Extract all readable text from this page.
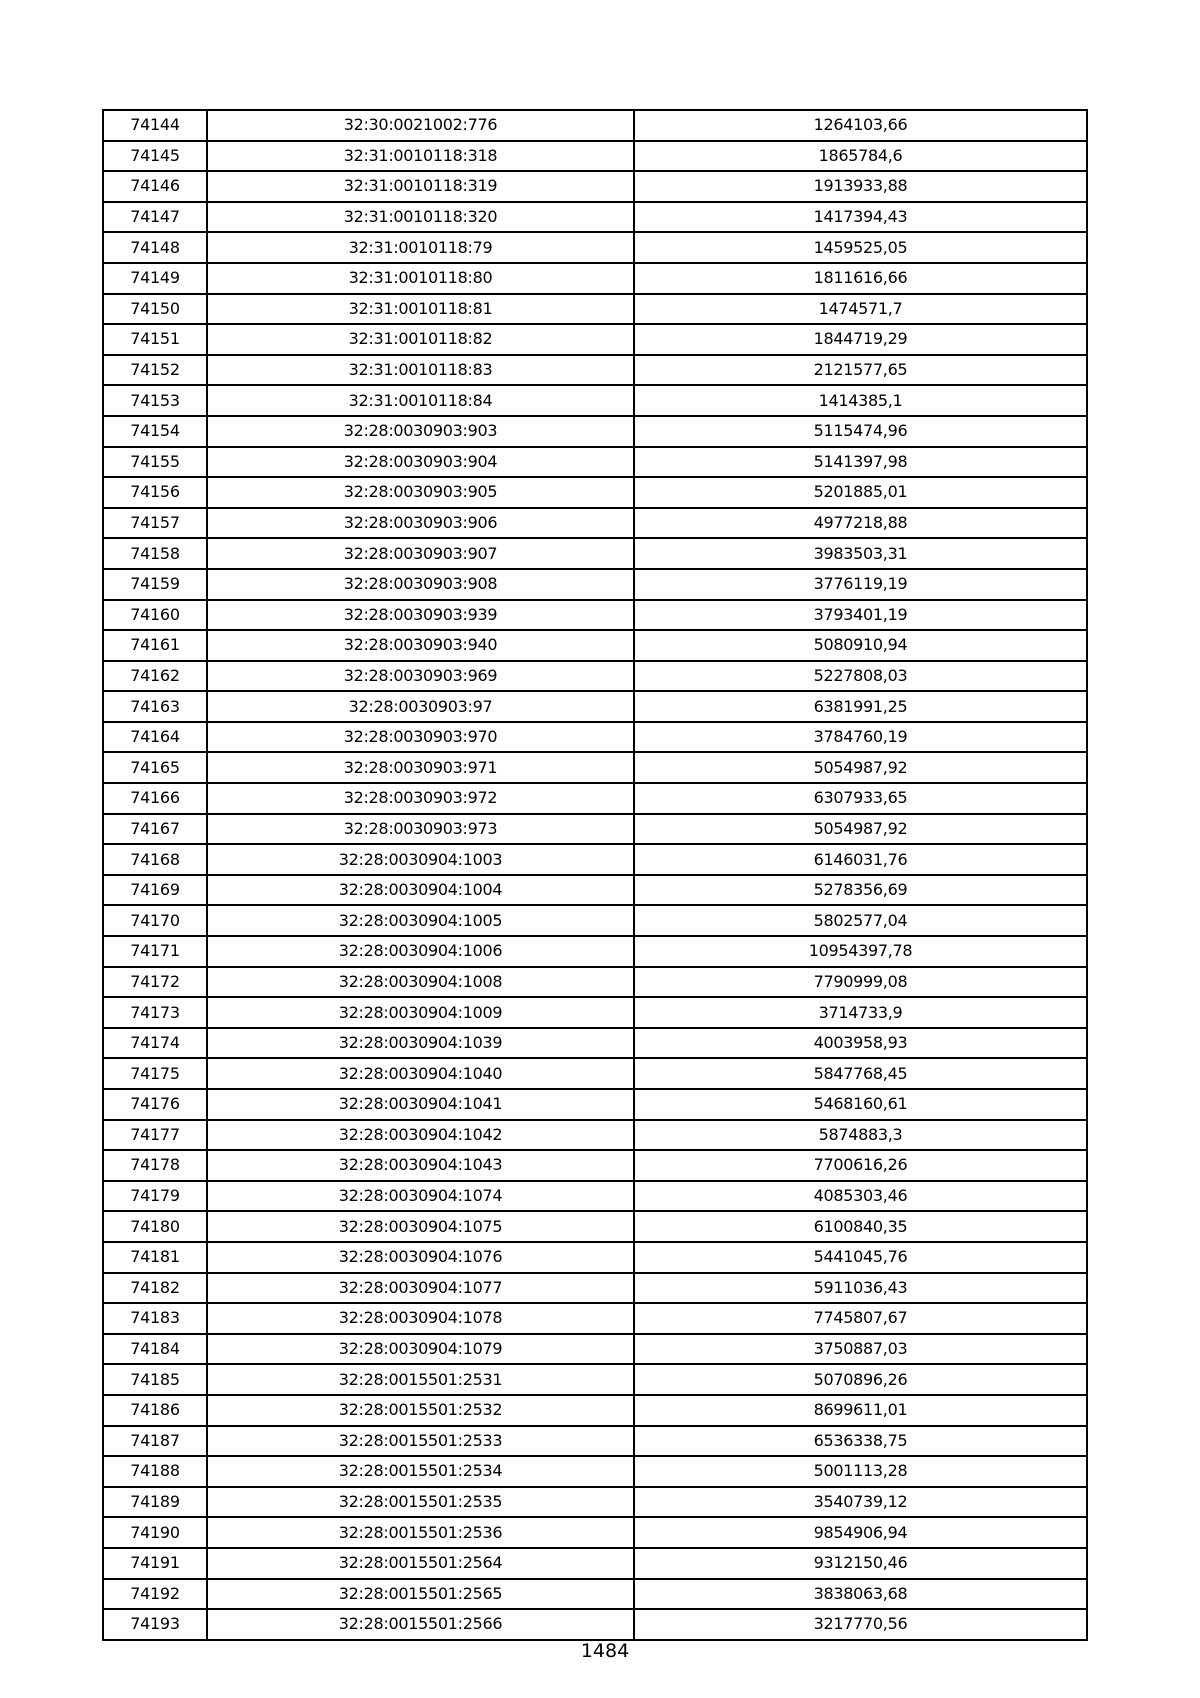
74144	32:30:0021002:776	1264103,66
74145	32:31:0010118:318	1865784,6
74146	32:31:0010118:319	1913933,88
74147	32:31:0010118:320	1417394,43
74148	32:31:0010118:79	1459525,05
74149	32:31:0010118:80	1811616,66
74150	32:31:0010118:81	1474571,7
74151	32:31:0010118:82	1844719,29
74152	32:31:0010118:83	2121577,65
74153	32:31:0010118:84	1414385,1
74154	32:28:0030903:903	5115474,96
74155	32:28:0030903:904	5141397,98
74156	32:28:0030903:905	5201885,01
74157	32:28:0030903:906	4977218,88
74158	32:28:0030903:907	3983503,31
74159	32:28:0030903:908	3776119,19
74160	32:28:0030903:939	3793401,19
74161	32:28:0030903:940	5080910,94
74162	32:28:0030903:969	5227808,03
74163	32:28:0030903:97	6381991,25
74164	32:28:0030903:970	3784760,19
74165	32:28:0030903:971	5054987,92
74166	32:28:0030903:972	6307933,65
74167	32:28:0030903:973	5054987,92
74168	32:28:0030904:1003	6146031,76
74169	32:28:0030904:1004	5278356,69
74170	32:28:0030904:1005	5802577,04
74171	32:28:0030904:1006	10954397,78
74172	32:28:0030904:1008	7790999,08
74173	32:28:0030904:1009	3714733,9
74174	32:28:0030904:1039	4003958,93
74175	32:28:0030904:1040	5847768,45
74176	32:28:0030904:1041	5468160,61
74177	32:28:0030904:1042	5874883,3
74178	32:28:0030904:1043	7700616,26
74179	32:28:0030904:1074	4085303,46
74180	32:28:0030904:1075	6100840,35
74181	32:28:0030904:1076	5441045,76
74182	32:28:0030904:1077	5911036,43
74183	32:28:0030904:1078	7745807,67
74184	32:28:0030904:1079	3750887,03
74185	32:28:0015501:2531	5070896,26
74186	32:28:0015501:2532	8699611,01
74187	32:28:0015501:2533	6536338,75
74188	32:28:0015501:2534	5001113,28
74189	32:28:0015501:2535	3540739,12
74190	32:28:0015501:2536	9854906,94
74191	32:28:0015501:2564	9312150,46
74192	32:28:0015501:2565	3838063,68
74193	32:28:0015501:2566	3217770,56
1484
